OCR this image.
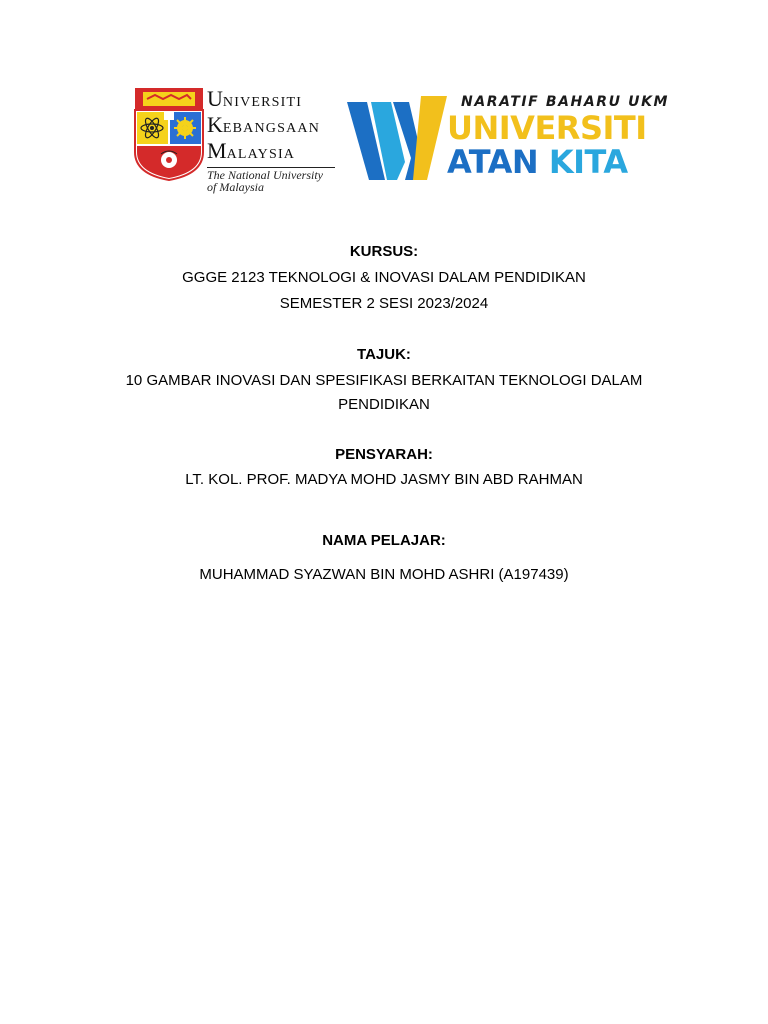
UNIVERSITI
KEBANGSAAN
MALAYSIA
The National University
of Malaysia
NARATIF BAHARU UKM
UNIVERSITI
ATAN KITA
KURSUS:
GGGE 2123 TEKNOLOGI & INOVASI DALAM PENDIDIKAN
SEMESTER 2 SESI 2023/2024
TAJUK:
10 GAMBAR INOVASI DAN SPESIFIKASI BERKAITAN TEKNOLOGI DALAM
PENDIDIKAN
PENSYARAH:
LT. KOL. PROF. MADYA MOHD JASMY BIN ABD RAHMAN
NAMA PELAJAR:
MUHAMMAD SYAZWAN BIN MOHD ASHRI (A197439)
